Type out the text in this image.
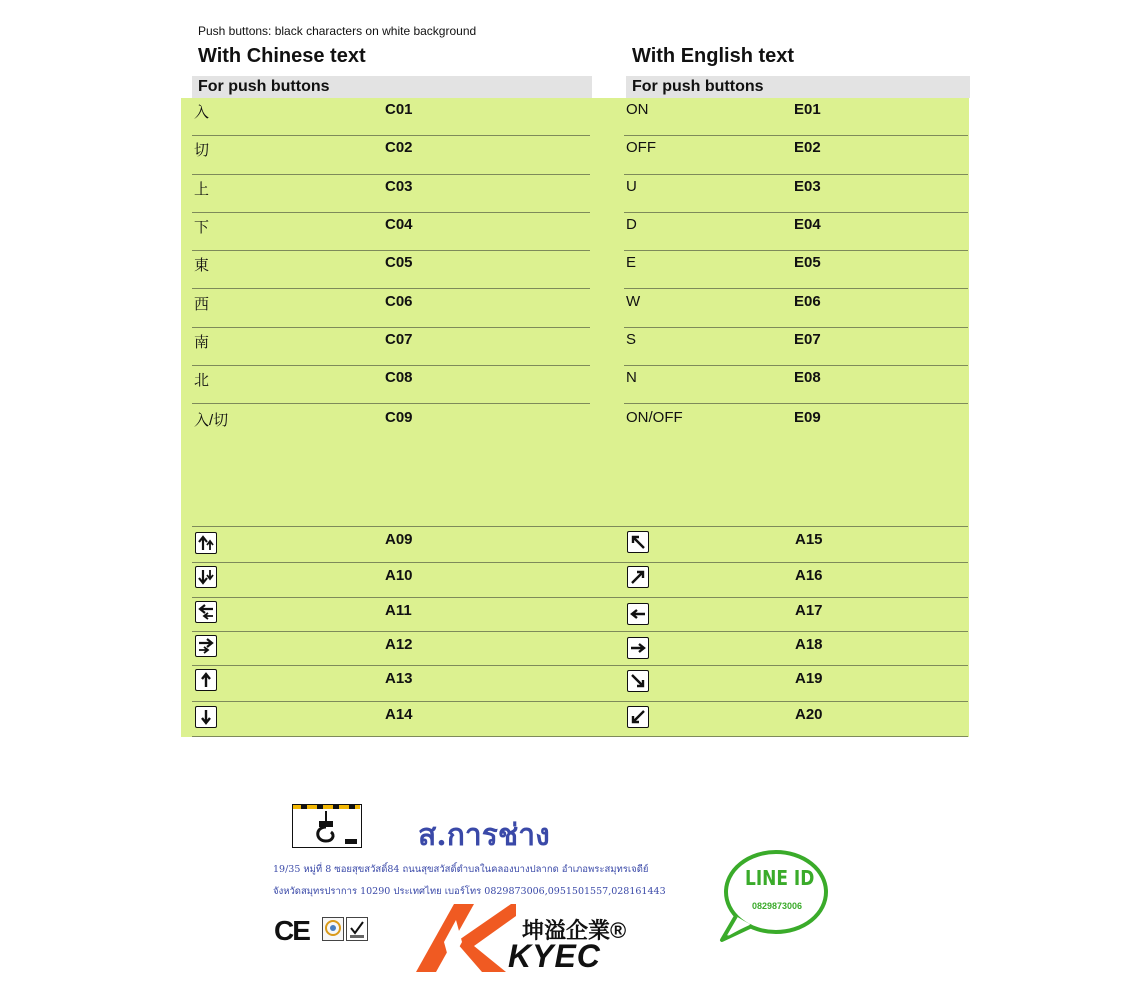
Push buttons: black characters on white background
With Chinese text	With English text
For push buttons	For push buttons
入	C01
切	C02
上	C03
下	C04
東	C05
西	C06
南	C07
北	C08
入/切	C09
ON	E01
OFF	E02
U	E03
D	E04
E	E05
W	E06
S	E07
N	E08
ON/OFF	E09
A09
A10
A11
A12
A13
A14
A15
A16
A17
A18
A19
A20
ส.การช่าง
19/35 หมู่ที่ 8 ซอยสุขสวัสดิ์84 ถนนสุขสวัสดิ์ตำบลในคลองบางปลากด อำเภอพระสมุทรเจดีย์
จังหวัดสมุทรปราการ 10290 ประเทศไทย เบอร์โทร 0829873006,0951501557,028161443
CE	坤溢企業®
KYEC
LINE ID
0829873006
